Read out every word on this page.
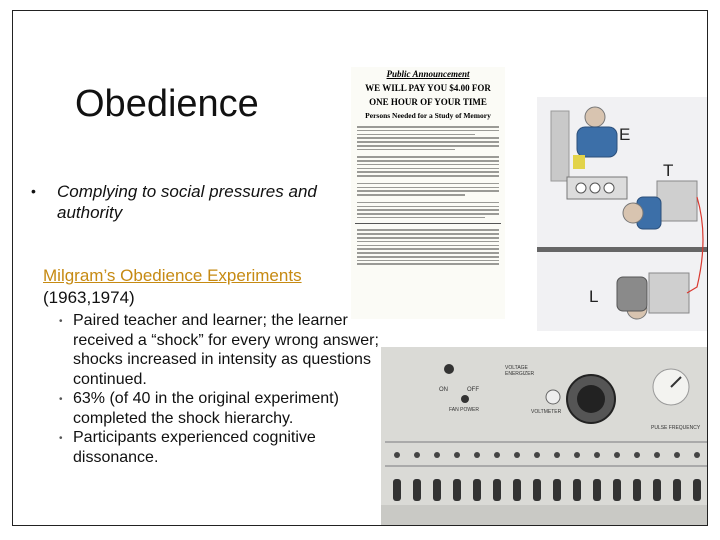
Obedience
• Complying to social pressures and authority
Milgram’s Obedience Experiments (1963,1974)
• Paired teacher and learner; the learner received a “shock” for every wrong answer; shocks increased in intensity as questions continued.
• 63% (of 40 in the original experiment) completed the shock hierarchy.
• Participants experienced cognitive dissonance.
Public Announcement
WE WILL PAY YOU $4.00 FOR
ONE HOUR OF YOUR TIME
Persons Needed for a Study of Memory
E
T
L
ON	OFF
VOLTAGE ENERGIZER
FAN POWER	VOLTMETER
PULSE FREQUENCY
